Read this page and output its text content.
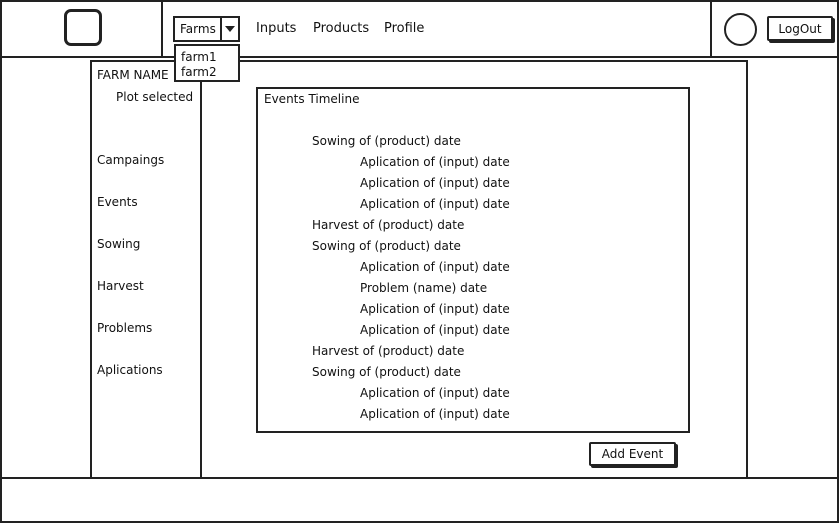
Farms	Inputs Products Profile	LogOut
FARM NAME
Plot selected
Campaings
Events
Sowing
Harvest
Problems
Aplications
Events Timeline
Sowing of (product) date
Aplication of (input) date
Aplication of (input) date
Aplication of (input) date
Harvest of (product) date
Sowing of (product) date
Aplication of (input) date
Problem (name) date
Aplication of (input) date
Aplication of (input) date
Harvest of (product) date
Sowing of (product) date
Aplication of (input) date
Aplication of (input) date
Add Event
farm1
farm2
